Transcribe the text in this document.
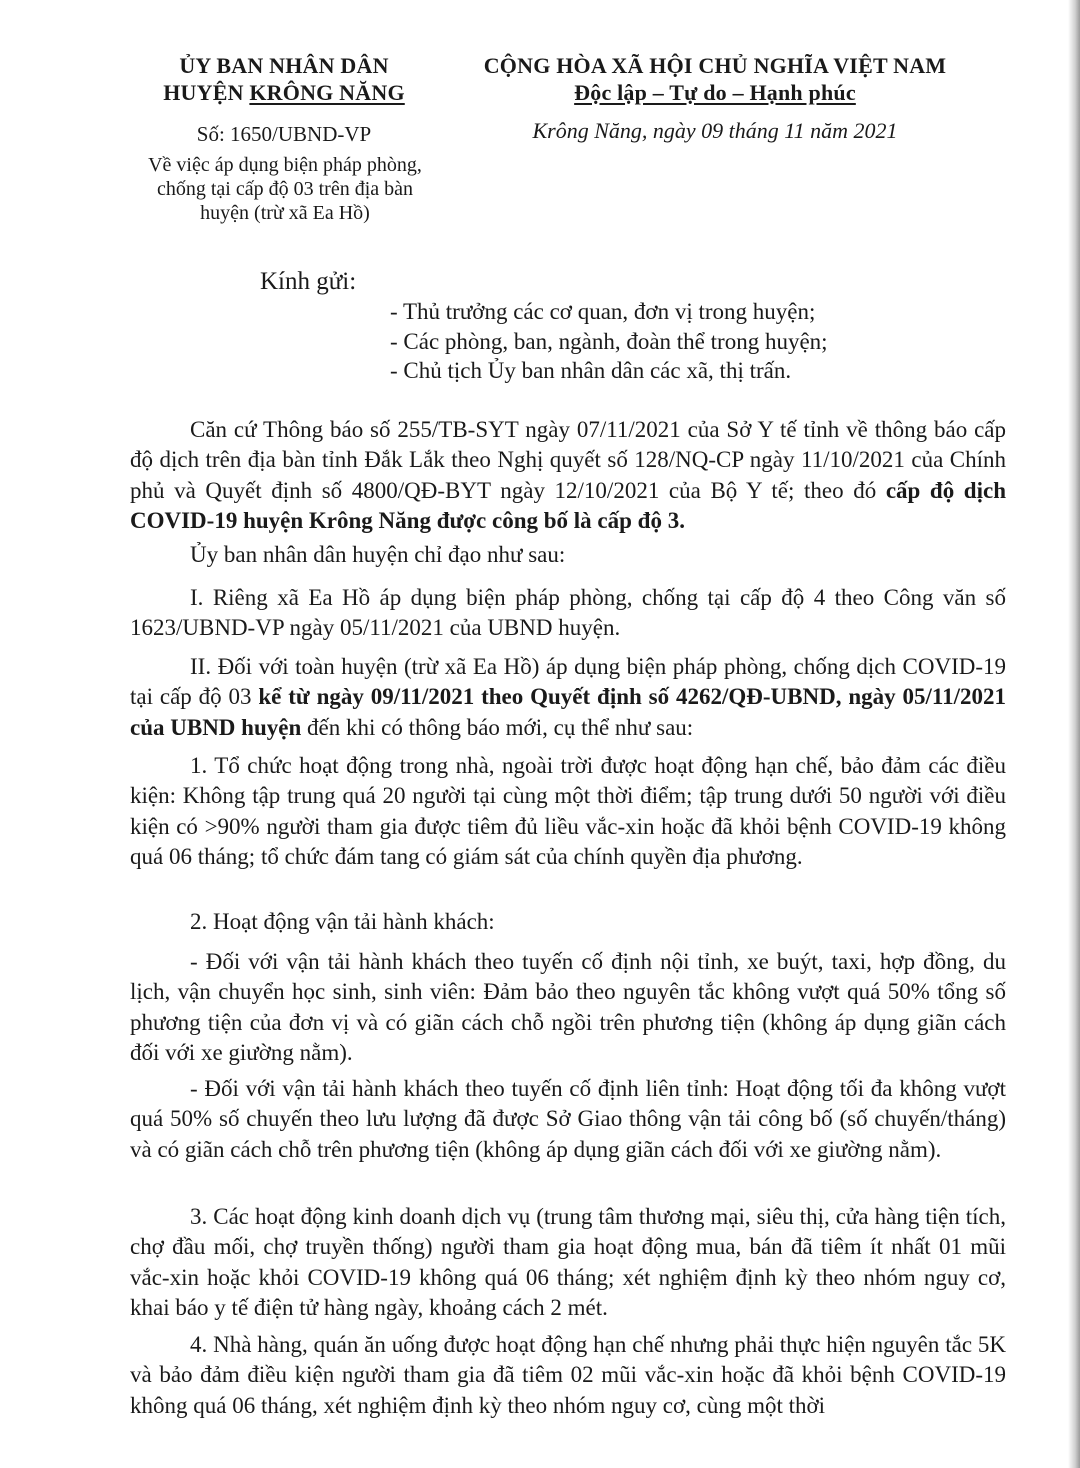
ỦY BAN NHÂN DÂN
HUYỆN KRÔNG NĂNG
Số: 1650/UBND-VP
Về việc áp dụng biện pháp phòng,
chống tại cấp độ 03 trên địa bàn
huyện (trừ xã Ea Hồ)
CỘNG HÒA XÃ HỘI CHỦ NGHĨA VIỆT NAM
Độc lập – Tự do – Hạnh phúc
Krông Năng, ngày 09 tháng 11 năm 2021
Kính gửi:
- Thủ trưởng các cơ quan, đơn vị trong huyện;
- Các phòng, ban, ngành, đoàn thể trong huyện;
- Chủ tịch Ủy ban nhân dân các xã, thị trấn.

Căn cứ Thông báo số 255/TB-SYT ngày 07/11/2021 của Sở Y tế tỉnh về thông báo cấp độ dịch trên địa bàn tỉnh Đắk Lắk theo Nghị quyết số 128/NQ-CP ngày 11/10/2021 của Chính phủ và Quyết định số 4800/QĐ-BYT ngày 12/10/2021 của Bộ Y tế; theo đó cấp độ dịch COVID-19 huyện Krông Năng được công bố là cấp độ 3.

Ủy ban nhân dân huyện chỉ đạo như sau:

I. Riêng xã Ea Hồ áp dụng biện pháp phòng, chống tại cấp độ 4 theo Công văn số 1623/UBND-VP ngày 05/11/2021 của UBND huyện.

II. Đối với toàn huyện (trừ xã Ea Hồ) áp dụng biện pháp phòng, chống dịch COVID-19 tại cấp độ 03 kể từ ngày 09/11/2021 theo Quyết định số 4262/QĐ-UBND, ngày 05/11/2021 của UBND huyện đến khi có thông báo mới, cụ thể như sau:

1. Tổ chức hoạt động trong nhà, ngoài trời được hoạt động hạn chế, bảo đảm các điều kiện: Không tập trung quá 20 người tại cùng một thời điểm; tập trung dưới 50 người với điều kiện có >90% người tham gia được tiêm đủ liều vắc-xin hoặc đã khỏi bệnh COVID-19 không quá 06 tháng; tổ chức đám tang có giám sát của chính quyền địa phương.

2. Hoạt động vận tải hành khách:

- Đối với vận tải hành khách theo tuyến cố định nội tỉnh, xe buýt, taxi, hợp đồng, du lịch, vận chuyển học sinh, sinh viên: Đảm bảo theo nguyên tắc không vượt quá 50% tổng số phương tiện của đơn vị và có giãn cách chỗ ngồi trên phương tiện (không áp dụng giãn cách đối với xe giường nằm).

- Đối với vận tải hành khách theo tuyến cố định liên tỉnh: Hoạt động tối đa không vượt quá 50% số chuyến theo lưu lượng đã được Sở Giao thông vận tải công bố (số chuyến/tháng) và có giãn cách chỗ trên phương tiện (không áp dụng giãn cách đối với xe giường nằm).

3. Các hoạt động kinh doanh dịch vụ (trung tâm thương mại, siêu thị, cửa hàng tiện tích, chợ đầu mối, chợ truyền thống) người tham gia hoạt động mua, bán đã tiêm ít nhất 01 mũi vắc-xin hoặc khỏi COVID-19 không quá 06 tháng; xét nghiệm định kỳ theo nhóm nguy cơ, khai báo y tế điện tử hàng ngày, khoảng cách 2 mét.

4. Nhà hàng, quán ăn uống được hoạt động hạn chế nhưng phải thực hiện nguyên tắc 5K và bảo đảm điều kiện người tham gia đã tiêm 02 mũi vắc-xin hoặc đã khỏi bệnh COVID-19 không quá 06 tháng, xét nghiệm định kỳ theo nhóm nguy cơ, cùng một thời
